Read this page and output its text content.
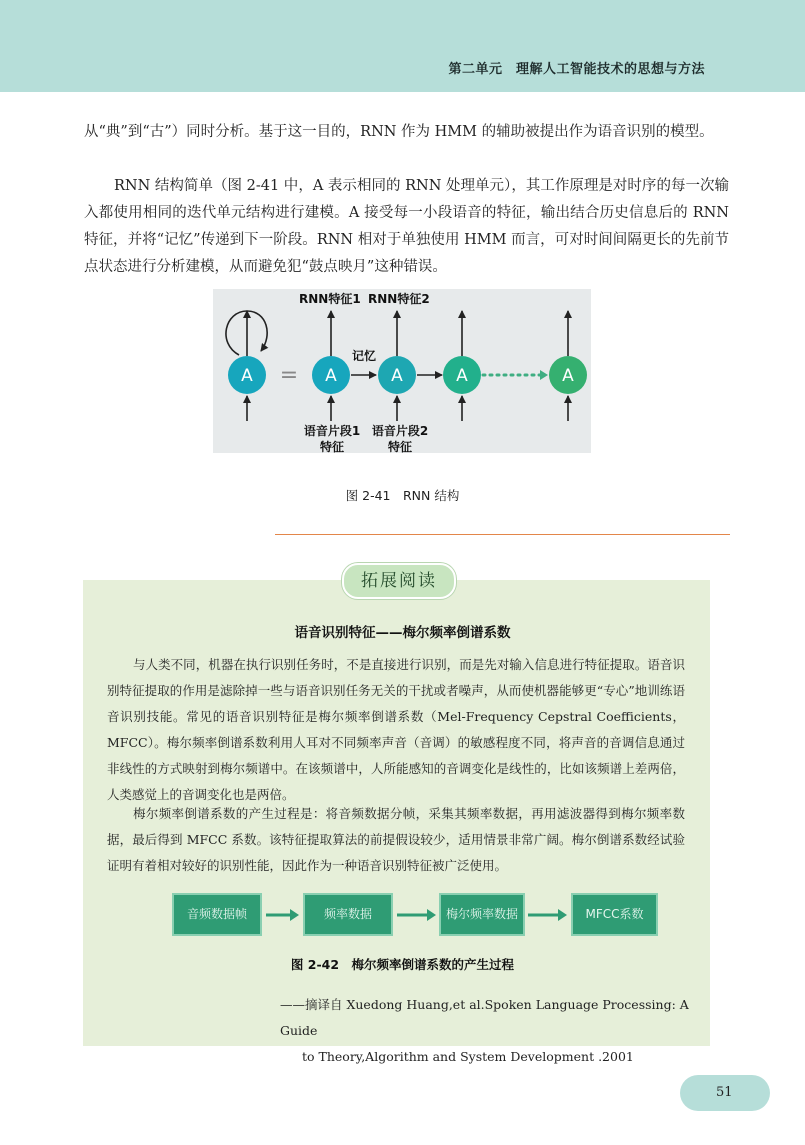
第二单元　理解人工智能技术的思想与方法

从“典”到“古”）同时分析。基于这一目的，RNN 作为 HMM 的辅助被提出作为语音识别的模型。

RNN 结构简单（图 2-41 中，A 表示相同的 RNN 处理单元），其工作原理是对时序的每一次输入都使用相同的迭代单元结构进行建模。A 接受每一小段语音的特征，输出结合历史信息后的 RNN 特征，并将“记忆”传递到下一阶段。RNN 相对于单独使用 HMM 而言，可对时间间隔更长的先前节点状态进行分析建模，从而避免犯“鼓点映月”这种错误。

A = A	A	A	A
RNN特征1 RNN特征2
记忆
语音片段1
特征
语音片段2
特征
图 2-41　RNN 结构
拓展阅读
语音识别特征——梅尔频率倒谱系数

与人类不同，机器在执行识别任务时，不是直接进行识别，而是先对输入信息进行特征提取。语音识别特征提取的作用是滤除掉一些与语音识别任务无关的干扰或者噪声，从而使机器能够更“专心”地训练语音识别技能。常见的语音识别特征是梅尔频率倒谱系数（Mel-Frequency Cepstral Coefficients，MFCC）。梅尔频率倒谱系数利用人耳对不同频率声音（音调）的敏感程度不同，将声音的音调信息通过非线性的方式映射到梅尔频谱中。在该频谱中，人所能感知的音调变化是线性的，比如该频谱上差两倍，人类感觉上的音调变化也是两倍。

梅尔频率倒谱系数的产生过程是：将音频数据分帧，采集其频率数据，再用滤波器得到梅尔频率数据，最后得到 MFCC 系数。该特征提取算法的前提假设较少，适用情景非常广阔。梅尔倒谱系数经试验证明有着相对较好的识别性能，因此作为一种语音识别特征被广泛使用。

音频数据帧	频率数据	梅尔频率数据	MFCC系数
图 2-42　梅尔频率倒谱系数的产生过程

——摘译自 Xuedong Huang,et al.Spoken Language Processing: A Guide
to Theory,Algorithm and System Development .2001

51
